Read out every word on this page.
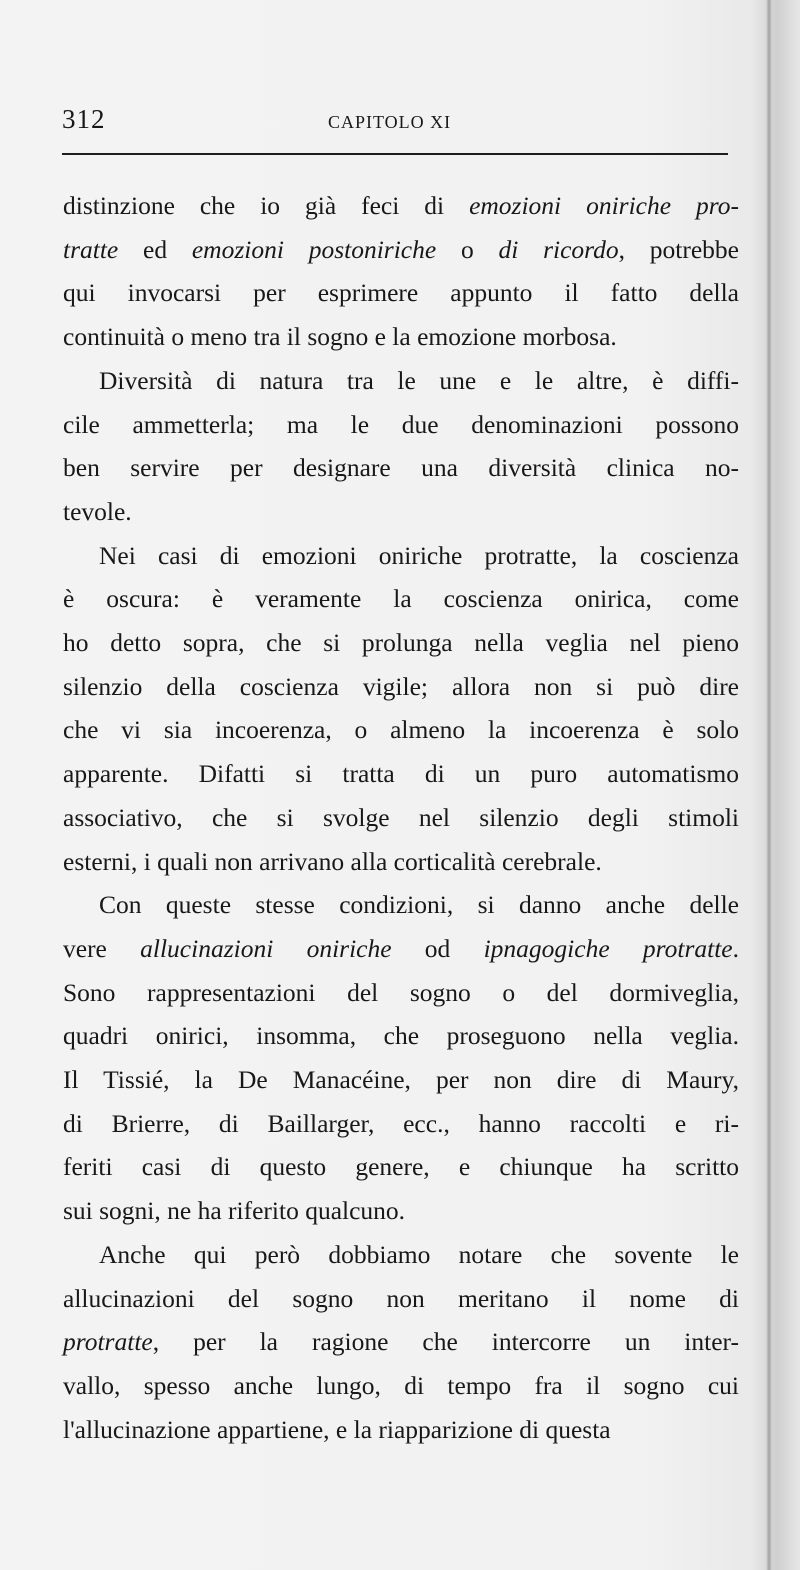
312	CAPITOLO XI

distinzione che io già feci di emozioni oniriche pro-
tratte ed emozioni postoniriche o di ricordo, potrebbe
qui invocarsi per esprimere appunto il fatto della
continuità o meno tra il sogno e la emozione morbosa.

Diversità di natura tra le une e le altre, è diffi-
cile ammetterla; ma le due denominazioni possono
ben servire per designare una diversità clinica no-
tevole.

Nei casi di emozioni oniriche protratte, la coscienza
è oscura: è veramente la coscienza onirica, come
ho detto sopra, che si prolunga nella veglia nel pieno
silenzio della coscienza vigile; allora non si può dire
che vi sia incoerenza, o almeno la incoerenza è solo
apparente. Difatti si tratta di un puro automatismo
associativo, che si svolge nel silenzio degli stimoli
esterni, i quali non arrivano alla corticalità cerebrale.

Con queste stesse condizioni, si danno anche delle
vere allucinazioni oniriche od ipnagogiche protratte.
Sono rappresentazioni del sogno o del dormiveglia,
quadri onirici, insomma, che proseguono nella veglia.
Il Tissié, la De Manacéine, per non dire di Maury,
di Brierre, di Baillarger, ecc., hanno raccolti e ri-
feriti casi di questo genere, e chiunque ha scritto
sui sogni, ne ha riferito qualcuno.

Anche qui però dobbiamo notare che sovente le
allucinazioni del sogno non meritano il nome di
protratte, per la ragione che intercorre un inter-
vallo, spesso anche lungo, di tempo fra il sogno cui
l'allucinazione appartiene, e la riapparizione di questa
